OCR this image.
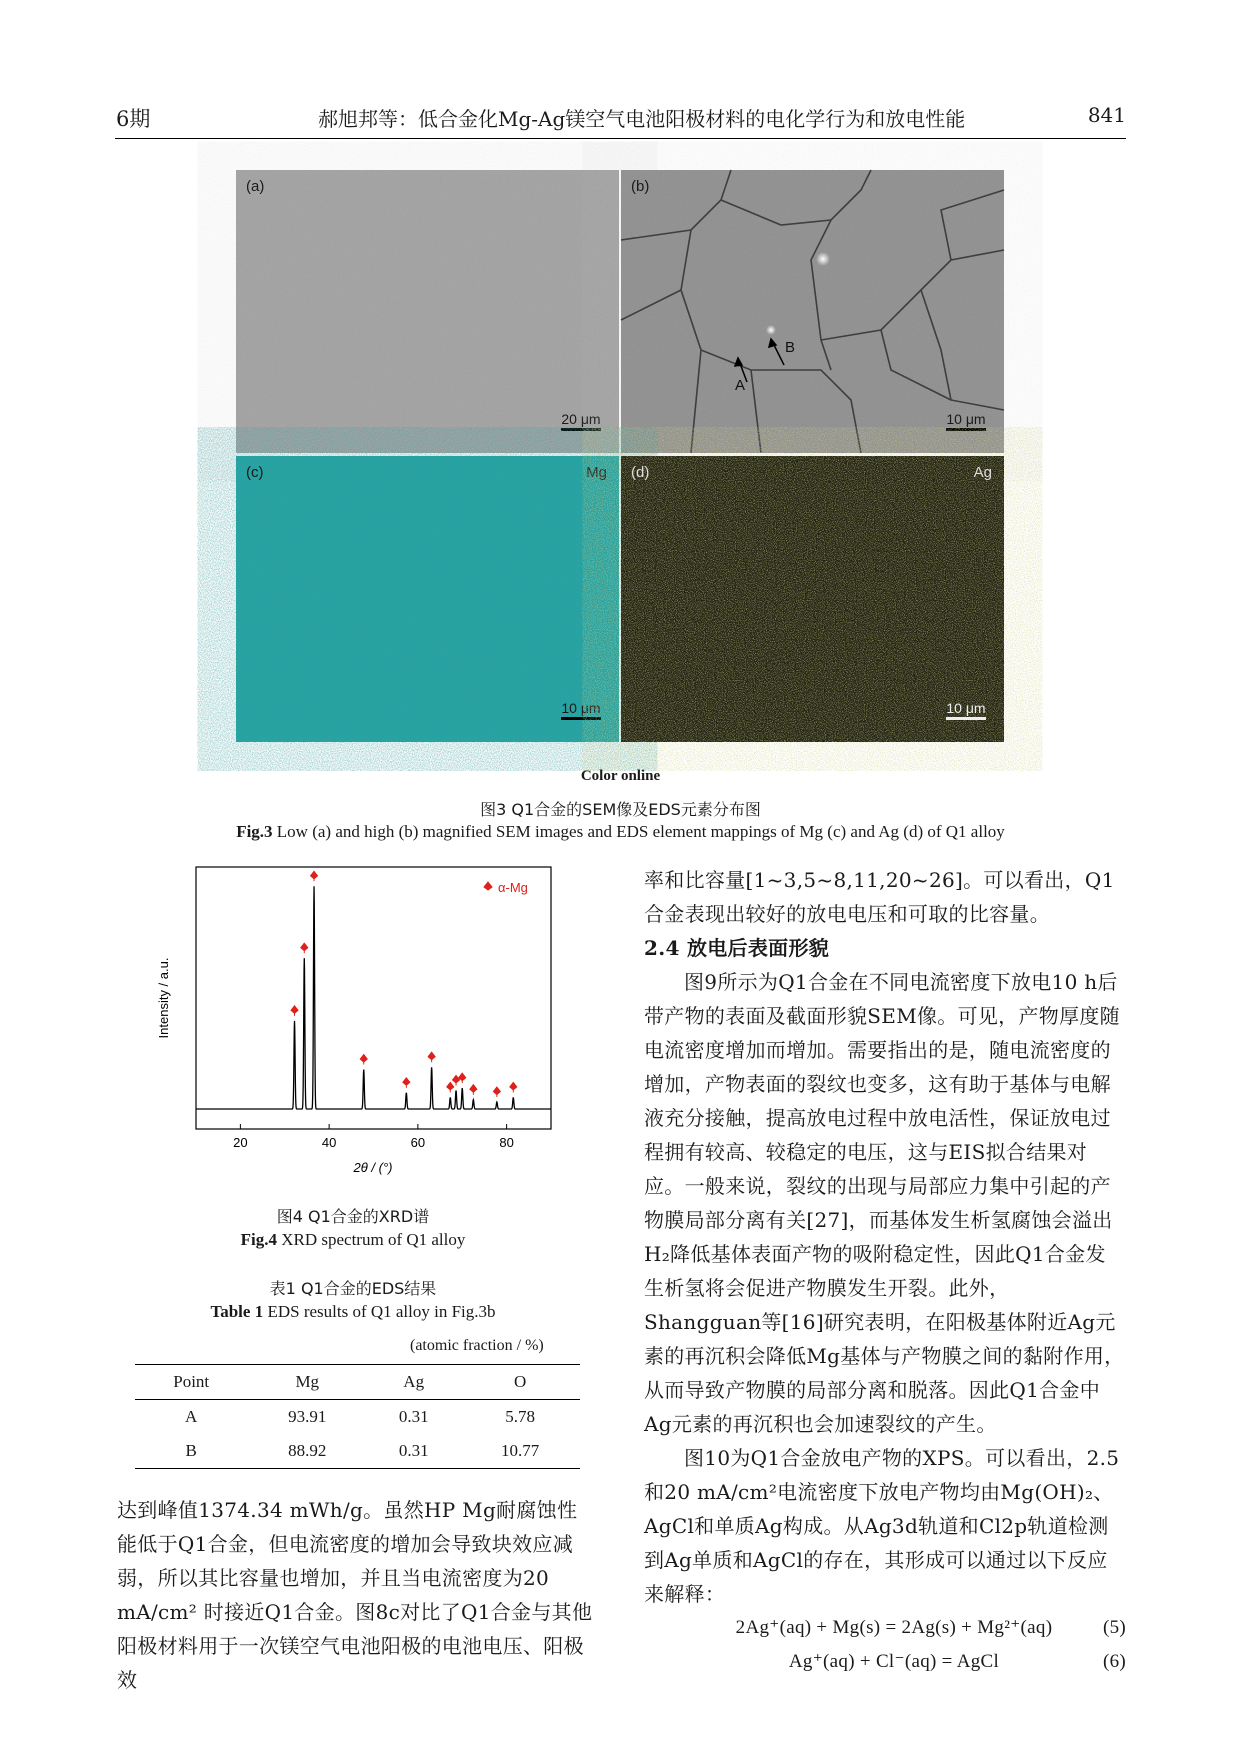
6期	郝旭邦等：低合金化Mg-Ag镁空气电池阳极材料的电化学行为和放电性能	841
(a)
20 μm
A
B
(b)
10 μm
(c)	Mg
10 μm
(d)	Ag
10 μm
Color online
图3 Q1合金的SEM像及EDS元素分布图
Fig.3 Low (a) and high (b) magnified SEM images and EDS element mappings of Mg (c) and Ag (d) of Q1 alloy
20	40	60	80
Intensity / a.u.
2θ / (°)
α-Mg
图4 Q1合金的XRD谱
Fig.4 XRD spectrum of Q1 alloy
表1 Q1合金的EDS结果
Table 1 EDS results of Q1 alloy in Fig.3b
(atomic fraction / %)
Point	Mg	Ag	O
A	93.91	0.31	5.78
B	88.92	0.31	10.77

达到峰值1374.34 mWh/g。虽然HP Mg耐腐蚀性能低于Q1合金，但电流密度的增加会导致块效应减弱，所以其比容量也增加，并且当电流密度为20 mA/cm² 时接近Q1合金。图8c对比了Q1合金与其他阳极材料用于一次镁空气电池阳极的电池电压、阳极效

率和比容量[1~3,5~8,11,20~26]。可以看出，Q1合金表现出较好的放电电压和可取的比容量。

2.4 放电后表面形貌

图9所示为Q1合金在不同电流密度下放电10 h后带产物的表面及截面形貌SEM像。可见，产物厚度随电流密度增加而增加。需要指出的是，随电流密度的增加，产物表面的裂纹也变多，这有助于基体与电解液充分接触，提高放电过程中放电活性，保证放电过程拥有较高、较稳定的电压，这与EIS拟合结果对应。一般来说，裂纹的出现与局部应力集中引起的产物膜局部分离有关[27]，而基体发生析氢腐蚀会溢出H₂降低基体表面产物的吸附稳定性，因此Q1合金发生析氢将会促进产物膜发生开裂。此外，Shangguan等[16]研究表明，在阳极基体附近Ag元素的再沉积会降低Mg基体与产物膜之间的黏附作用，从而导致产物膜的局部分离和脱落。因此Q1合金中Ag元素的再沉积也会加速裂纹的产生。

图10为Q1合金放电产物的XPS。可以看出，2.5和20 mA/cm²电流密度下放电产物均由Mg(OH)₂、AgCl和单质Ag构成。从Ag3d轨道和Cl2p轨道检测到Ag单质和AgCl的存在，其形成可以通过以下反应来解释：

2Ag⁺(aq) + Mg(s) = 2Ag(s) + Mg²⁺(aq)	(5)
Ag⁺(aq) + Cl⁻(aq) = AgCl	(6)
